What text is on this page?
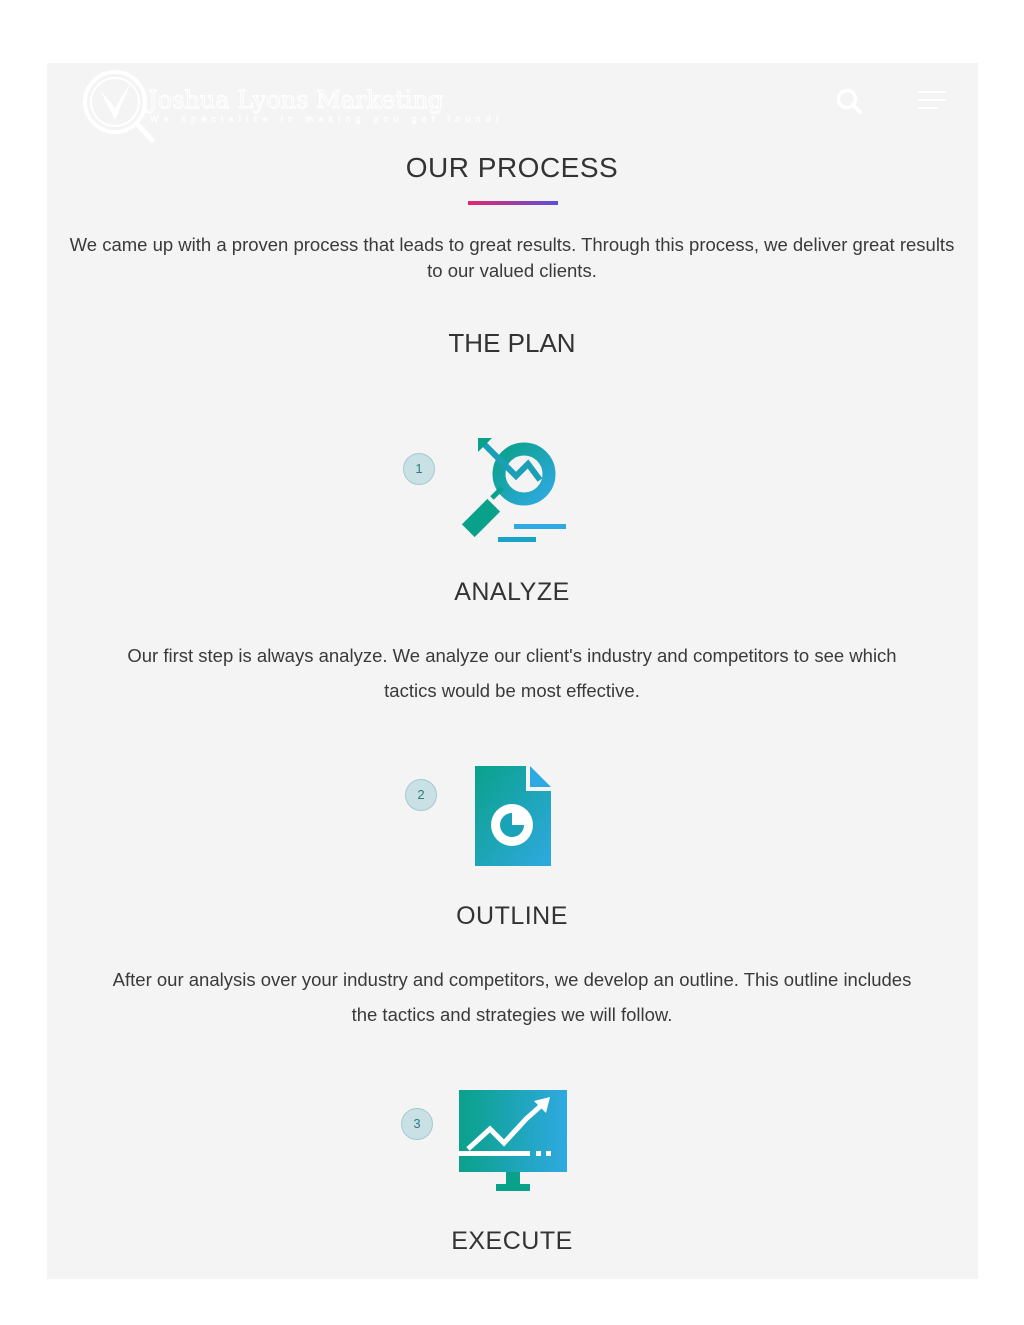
Joshua Lyons Marketing
We specialize in making you get found!
OUR PROCESS
We came up with a proven process that leads to great results. Through this process, we deliver great results to our valued clients.
THE PLAN
1
ANALYZE
Our first step is always analyze. We analyze our client's industry and competitors to see which tactics would be most effective.
2
OUTLINE
After our analysis over your industry and competitors, we develop an outline. This outline includes the tactics and strategies we will follow.
3
EXECUTE
